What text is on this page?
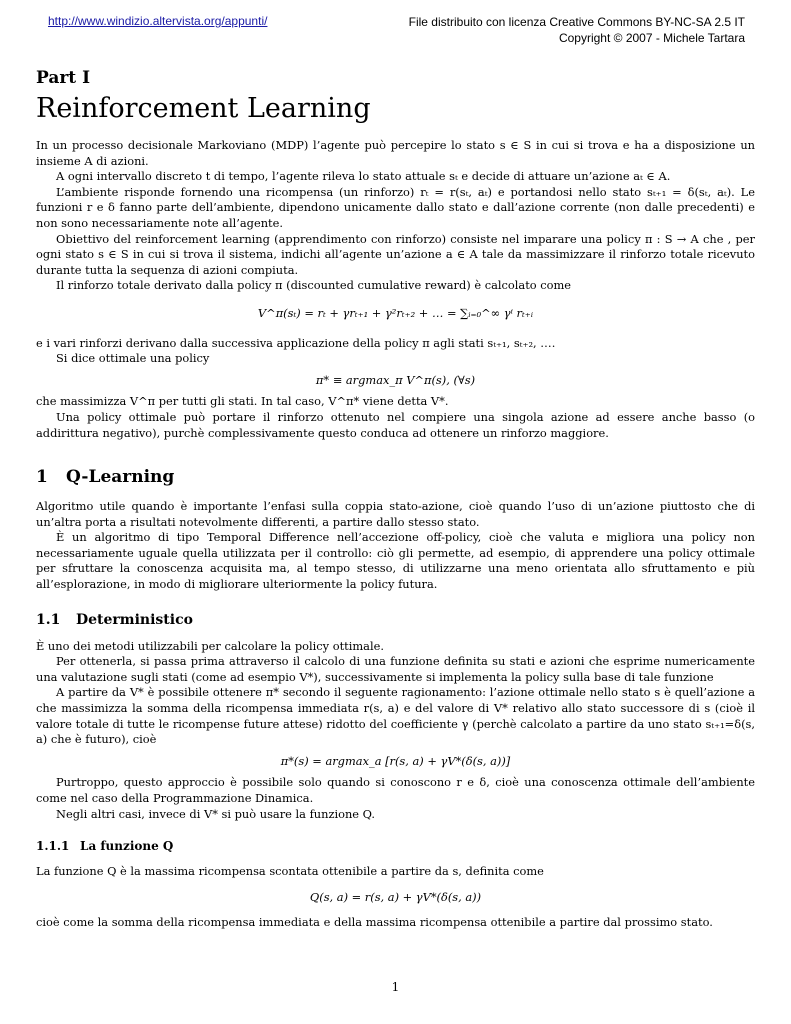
http://www.windizio.altervista.org/appunti/	File distribuito con licenza Creative Commons BY-NC-SA 2.5 IT
Copyright © 2007 - Michele Tartara
Part I
Reinforcement Learning

In un processo decisionale Markoviano (MDP) l’agente può percepire lo stato s ∈ S in cui si trova e ha a disposizione un insieme A di azioni.

A ogni intervallo discreto t di tempo, l’agente rileva lo stato attuale sₜ e decide di attuare un’azione aₜ ∈ A.

L’ambiente risponde fornendo una ricompensa (un rinforzo) rₜ = r(sₜ, aₜ) e portandosi nello stato sₜ₊₁ = δ(sₜ, aₜ). Le funzioni r e δ fanno parte dell’ambiente, dipendono unicamente dallo stato e dall’azione corrente (non dalle precedenti) e non sono necessariamente note all’agente.

Obiettivo del reinforcement learning (apprendimento con rinforzo) consiste nel imparare una policy π : S → A che , per ogni stato s ∈ S in cui si trova il sistema, indichi all’agente un’azione a ∈ A tale da massimizzare il rinforzo totale ricevuto durante tutta la sequenza di azioni compiuta.

Il rinforzo totale derivato dalla policy π (discounted cumulative reward) è calcolato come

V^π(sₜ) = rₜ + γrₜ₊₁ + γ²rₜ₊₂ + … = ∑ᵢ₌₀^∞ γⁱ rₜ₊ᵢ

e i vari rinforzi derivano dalla successiva applicazione della policy π agli stati sₜ₊₁, sₜ₊₂, ….

Si dice ottimale una policy

π* ≡ argmax_π V^π(s), (∀s)

che massimizza V^π per tutti gli stati. In tal caso, V^π* viene detta V*.

Una policy ottimale può portare il rinforzo ottenuto nel compiere una singola azione ad essere anche basso (o addirittura negativo), purchè complessivamente questo conduca ad ottenere un rinforzo maggiore.

1 Q-Learning

Algoritmo utile quando è importante l’enfasi sulla coppia stato-azione, cioè quando l’uso di un’azione piuttosto che di un’altra porta a risultati notevolmente differenti, a partire dallo stesso stato.

È un algoritmo di tipo Temporal Difference nell’accezione off-policy, cioè che valuta e migliora una policy non necessariamente uguale quella utilizzata per il controllo: ciò gli permette, ad esempio, di apprendere una policy ottimale per sfruttare la conoscenza acquisita ma, al tempo stesso, di utilizzarne una meno orientata allo sfruttamento e più all’esplorazione, in modo di migliorare ulteriormente la policy futura.

1.1 Deterministico

È uno dei metodi utilizzabili per calcolare la policy ottimale.

Per ottenerla, si passa prima attraverso il calcolo di una funzione definita su stati e azioni che esprime numericamente una valutazione sugli stati (come ad esempio V*), successivamente si implementa la policy sulla base di tale funzione

A partire da V* è possibile ottenere π* secondo il seguente ragionamento: l’azione ottimale nello stato s è quell’azione a che massimizza la somma della ricompensa immediata r(s, a) e del valore di V* relativo allo stato successore di s (cioè il valore totale di tutte le ricompense future attese) ridotto del coefficiente γ (perchè calcolato a partire da uno stato sₜ₊₁=δ(s, a) che è futuro), cioè

π*(s) = argmax_a [r(s, a) + γV*(δ(s, a))]

Purtroppo, questo approccio è possibile solo quando si conoscono r e δ, cioè una conoscenza ottimale dell’ambiente come nel caso della Programmazione Dinamica.

Negli altri casi, invece di V* si può usare la funzione Q.

1.1.1 La funzione Q

La funzione Q è la massima ricompensa scontata ottenibile a partire da s, definita come

Q(s, a) = r(s, a) + γV*(δ(s, a))

cioè come la somma della ricompensa immediata e della massima ricompensa ottenibile a partire dal prossimo stato.

1
